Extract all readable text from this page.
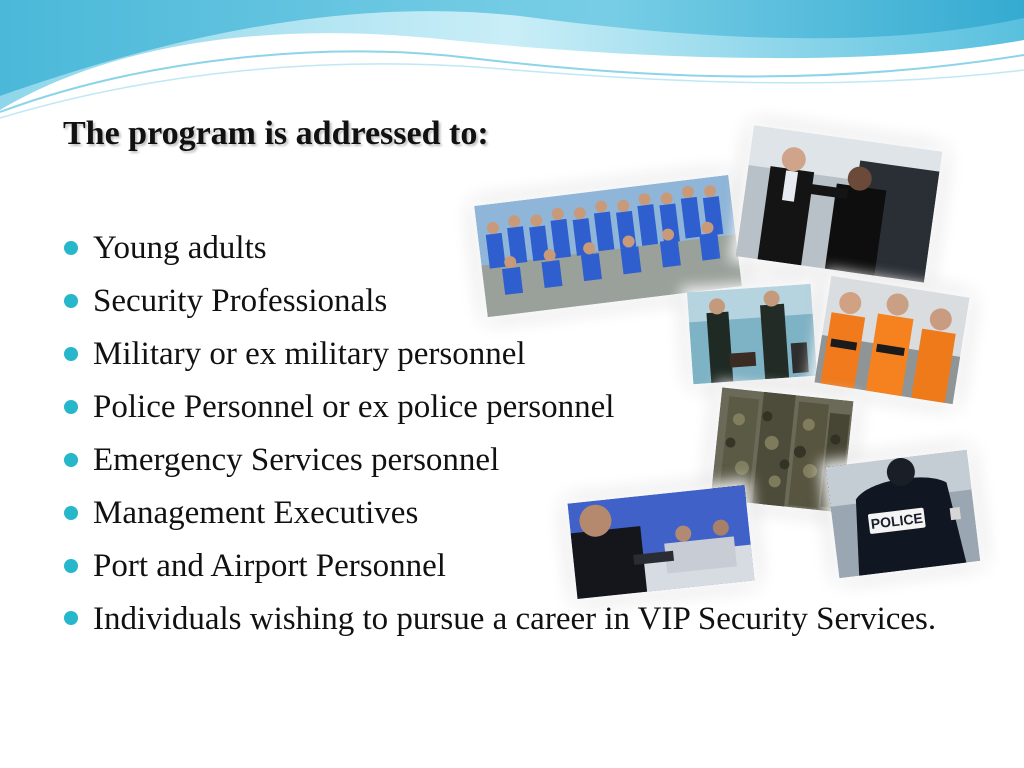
The program is addressed to:
POLICE
Young adults
Security Professionals
Military or ex military personnel
Police Personnel or ex police personnel
Emergency Services personnel
Management Executives
Port and Airport Personnel
Individuals wishing to pursue a career in VIP Security Services.
